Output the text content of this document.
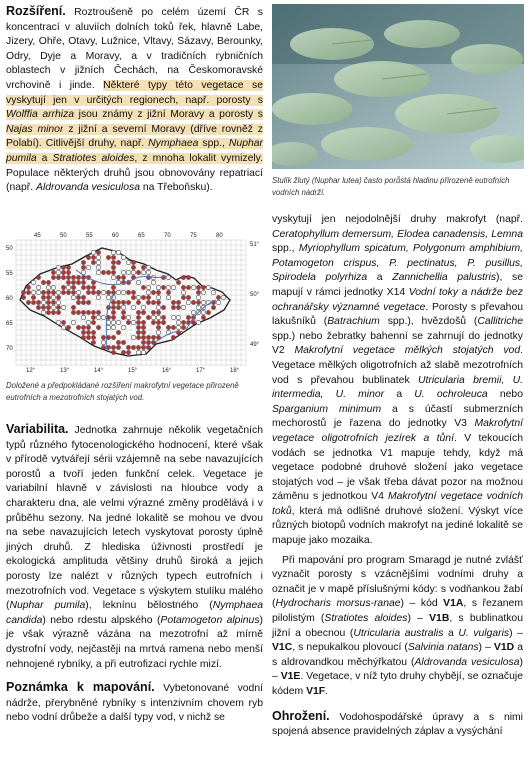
Rozšíření. Roztroušeně po celém území ČR s koncentrací v aluviích dolních toků řek, hlavně Labe, Jizery, Ohře, Otavy, Lužnice, Vltavy, Sázavy, Berounky, Odry, Dyje a Moravy, a v tradičních rybničních oblastech v jižních Čechách, na Českomoravské vrchovině i jinde. Některé typy této vegetace se vyskytují jen v určitých regionech, např. porosty s Wolffia arrhiza jsou známy z jižní Moravy a porosty s Najas minor z jižní a severní Moravy (dříve rovněž z Polabí). Citlivější druhy, např. Nymphaea spp., Nuphar pumila a Stratiotes aloides, z mnoha lokalit vymizely. Populace některých druhů jsou obnovovány repatriací (např. Aldrovanda vesiculosa na Třeboňsku).

Stulík žlutý (Nuphar lutea) často porůstá hladinu přirozeně eutrofních vodních nádrží.
45	50	55	60	65	70	75	80
12°	13°	14°	15°	16°	17°	18°
51°
50°
49°
50
55
60
65
70
Doložené a předpokládané rozšíření makrofytní vegetace přirozeně eutrofních a mezotrofních stojatých vod.

Variabilita. Jednotka zahrnuje několik vegetačních typů různého fytocenologického hodnocení, které však v přírodě vytvářejí sérii vzájemně na sebe navazujících porostů a tvoří jeden funkční celek. Vegetace je variabilní hlavně v závislosti na hloubce vody a charakteru dna, ale velmi výrazné změny prodělává i v průběhu sezony. Na jedné lokalitě se mohou ve dvou na sebe navazujících letech vyskytovat porosty úplně jiných druhů. Z hlediska úživnosti prostředí je ekologická amplituda většiny druhů široká a jejich porosty lze nalézt v různých typech eutrofních i mezotrofních vod. Vegetace s výskytem stulíku malého (Nuphar pumila), leknínu bělostného (Nymphaea candida) nebo rdestu alpského (Potamogeton alpinus) je však výrazně vázána na mezotrofní až mírně dystrofní vody, nejčastěji na mrtvá ramena nebo menší nehnojené rybníky, a při eutrofizaci rychle mizí.

Poznámka k mapování. Vybetonované vodní nádrže, přerybněné rybníky s intenzivním chovem ryb nebo vodní drůbeže a další typy vod, v nichž se

vyskytují jen nejodolnější druhy makrofyt (např. Ceratophyllum demersum, Elodea canadensis, Lemna spp., Myriophyllum spicatum, Polygonum amphibium, Potamogeton crispus, P. pectinatus, P. pusillus, Spirodela polyrhiza a Zannichellia palustris), se mapují v rámci jednotky X14 Vodní toky a nádrže bez ochranářsky významné vegetace. Porosty s převahou lakušníků (Batrachium spp.), hvězdošů (Callitriche spp.) nebo žebratky bahenní se zahrnují do jednotky V2 Makrofytní vegetace mělkých stojatých vod. Vegetace mělkých oligotrofních až slabě mezotrofních vod s převahou bublinatek Utricularia bremii, U. intermedia, U. minor a U. ochroleuca nebo Sparganium minimum a s účastí submerzních mechorostů je řazena do jednotky V3 Makrofytní vegetace oligotrofních jezírek a tůní. V tekoucích vodách se jednotka V1 mapuje tehdy, když má vegetace podobné druhové složení jako vegetace stojatých vod – je však třeba dávat pozor na možnou záměnu s jednotkou V4 Makrofytní vegetace vodních toků, která má odlišné druhové složení. Výskyt více různých biotopů vodních makrofyt na jediné lokalitě se mapuje jako mozaika.

Při mapování pro program Smaragd je nutné zvlášť vyznačit porosty s vzácnějšími vodními druhy a označit je v mapě příslušnými kódy: s vodňankou žabí (Hydrocharis morsus-ranae) – kód V1A, s řezanem pilolistým (Stratiotes aloides) – V1B, s bublinatkou jižní a obecnou (Utricularia australis a U. vulgaris) – V1C, s nepukalkou plovoucí (Salvinia natans) – V1D a s aldrovandkou měchýřkatou (Aldrovanda vesiculosa) – V1E. Vegetace, v níž tyto druhy chybějí, se označuje kódem V1F.

Ohrožení. Vodohospodářské úpravy a s nimi spojená absence pravidelných záplav a vysýchání
